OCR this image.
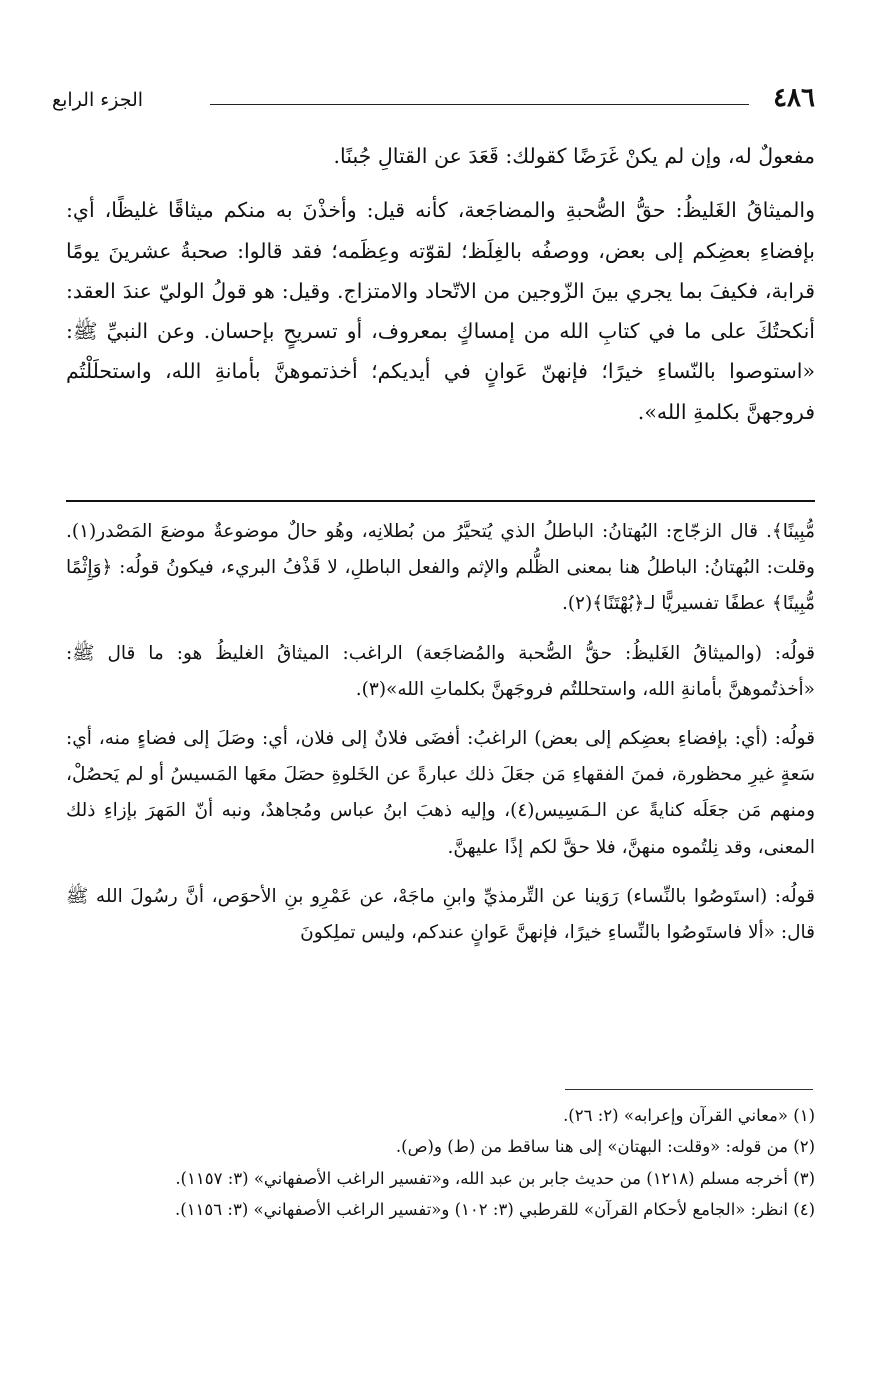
٤٨٦
الجزء الرابع

مفعولٌ له، وإن لم يكنْ غَرَضًا كقولك: قَعَدَ عن القتالِ جُبنًا.

والميثاقُ الغَليظُ: حقُّ الصُّحبةِ والمضاجَعة، كأنه قيل: وأخذْنَ به منكم ميثاقًا غليظًا، أي: بإفضاءِ بعضِكم إلى بعض، ووصفُه بالغِلَظ؛ لقوّته وعِظَمه؛ فقد قالوا: صحبةُ عشرينَ يومًا قرابة، فكيفَ بما يجري بينَ الزّوجين من الاتّحاد والامتزاج. وقيل: هو قولُ الوليّ عندَ العقد: أنكحتُكَ على ما في كتابِ الله من إمساكٍ بمعروف، أو تسريحٍ بإحسان. وعن النبيِّ ﷺ: «استوصوا بالنّساءِ خيرًا؛ فإنهنّ عَوانٍ في أيديكم؛ أخذتموهنَّ بأمانةِ الله، واستحلَلْتُم فروجهنَّ بكلمةِ الله».

مُّبِينًا﴾. قال الزجّاج: البُهتانُ: الباطلُ الذي يُتحيَّرُ من بُطلانِه، وهُو حالٌ موضوعةٌ موضعَ المَصْدر(١). وقلت: البُهتانُ: الباطلُ هنا بمعنى الظُّلم والإثم والفعل الباطلِ، لا قَذْفُ البريء، فيكونُ قولُه: ﴿وَإِثْمًا مُّبِينًا﴾ عطفًا تفسيريًّا لـ﴿بُهْتَنًا﴾(٢).

قولُه: (والميثاقُ الغَليظُ: حقُّ الصُّحبة والمُضاجَعة) الراغب: الميثاقُ الغليظُ هو: ما قال ﷺ: «أخذتُموهنَّ بأمانةِ الله، واستحللتُم فروجَهنَّ بكلماتِ الله»(٣).

قولُه: (أي: بإفضاءِ بعضِكم إلى بعض) الراغبُ: أفضَى فلانٌ إلى فلان، أي: وصَلَ إلى فضاءٍ منه، أي: سَعةٍ غيرِ محظورة، فمنَ الفقهاءِ مَن جعَلَ ذلك عبارةً عن الخَلوةِ حصَلَ معَها المَسيسُ أو لم يَحصُلْ، ومنهم مَن جعَلَه كنايةً عن الـمَسِيس(٤)، وإليه ذهبَ ابنُ عباس ومُجاهدٌ، ونبه أنّ المَهرَ بإزاءِ ذلك المعنى، وقد نِلتُموه منهنَّ، فلا حقَّ لكم إذًا عليهنَّ.

قولُه: (استَوصُوا بالنِّساء) رَوَينا عن التِّرمذيِّ وابنِ ماجَهْ، عن عَمْرِو بنِ الأحوَص، أنَّ رسُولَ الله ﷺ قال: «ألا فاستَوصُوا بالنِّساءِ خيرًا، فإنهنَّ عَوانٍ عندكم، وليس تملِكونَ

(١) «معاني القرآن وإعرابه» (٢: ٢٦).

(٢) من قوله: «وقلت: البهتان» إلى هنا ساقط من (ط) و(ص).

(٣) أخرجه مسلم (١٢١٨) من حديث جابر بن عبد الله، و«تفسير الراغب الأصفهاني» (٣: ١١٥٧).

(٤) انظر: «الجامع لأحكام القرآن» للقرطبي (٣: ١٠٢) و«تفسير الراغب الأصفهاني» (٣: ١١٥٦).
